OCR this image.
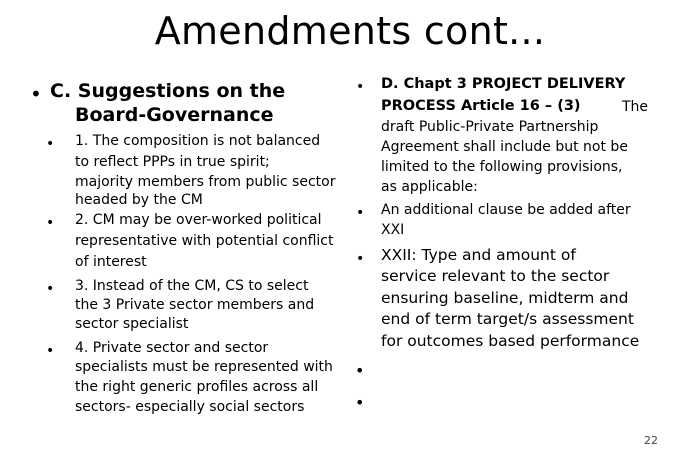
Amendments cont...
• C. Suggestions on the
Board-Governance
• 1. The composition is not balanced
to reflect PPPs in true spirit;
majority members from public sector
headed by the CM
• 2. CM may be over-worked political
representative with potential conflict
of interest
• 3. Instead of the CM, CS to select
the 3 Private sector members and
sector specialist
• 4. Private sector and sector
specialists must be represented with
the right generic profiles across all
sectors- especially social sectors
• D. Chapt 3 PROJECT DELIVERY
PROCESS Article 16 – (3)	The
draft Public-Private Partnership
Agreement shall include but not be
limited to the following provisions,
as applicable:
• An additional clause be added after
XXI
• XXII: Type and amount of
service relevant to the sector
ensuring baseline, midterm and
end of term target/s assessment
for outcomes based performance
•
•
22
